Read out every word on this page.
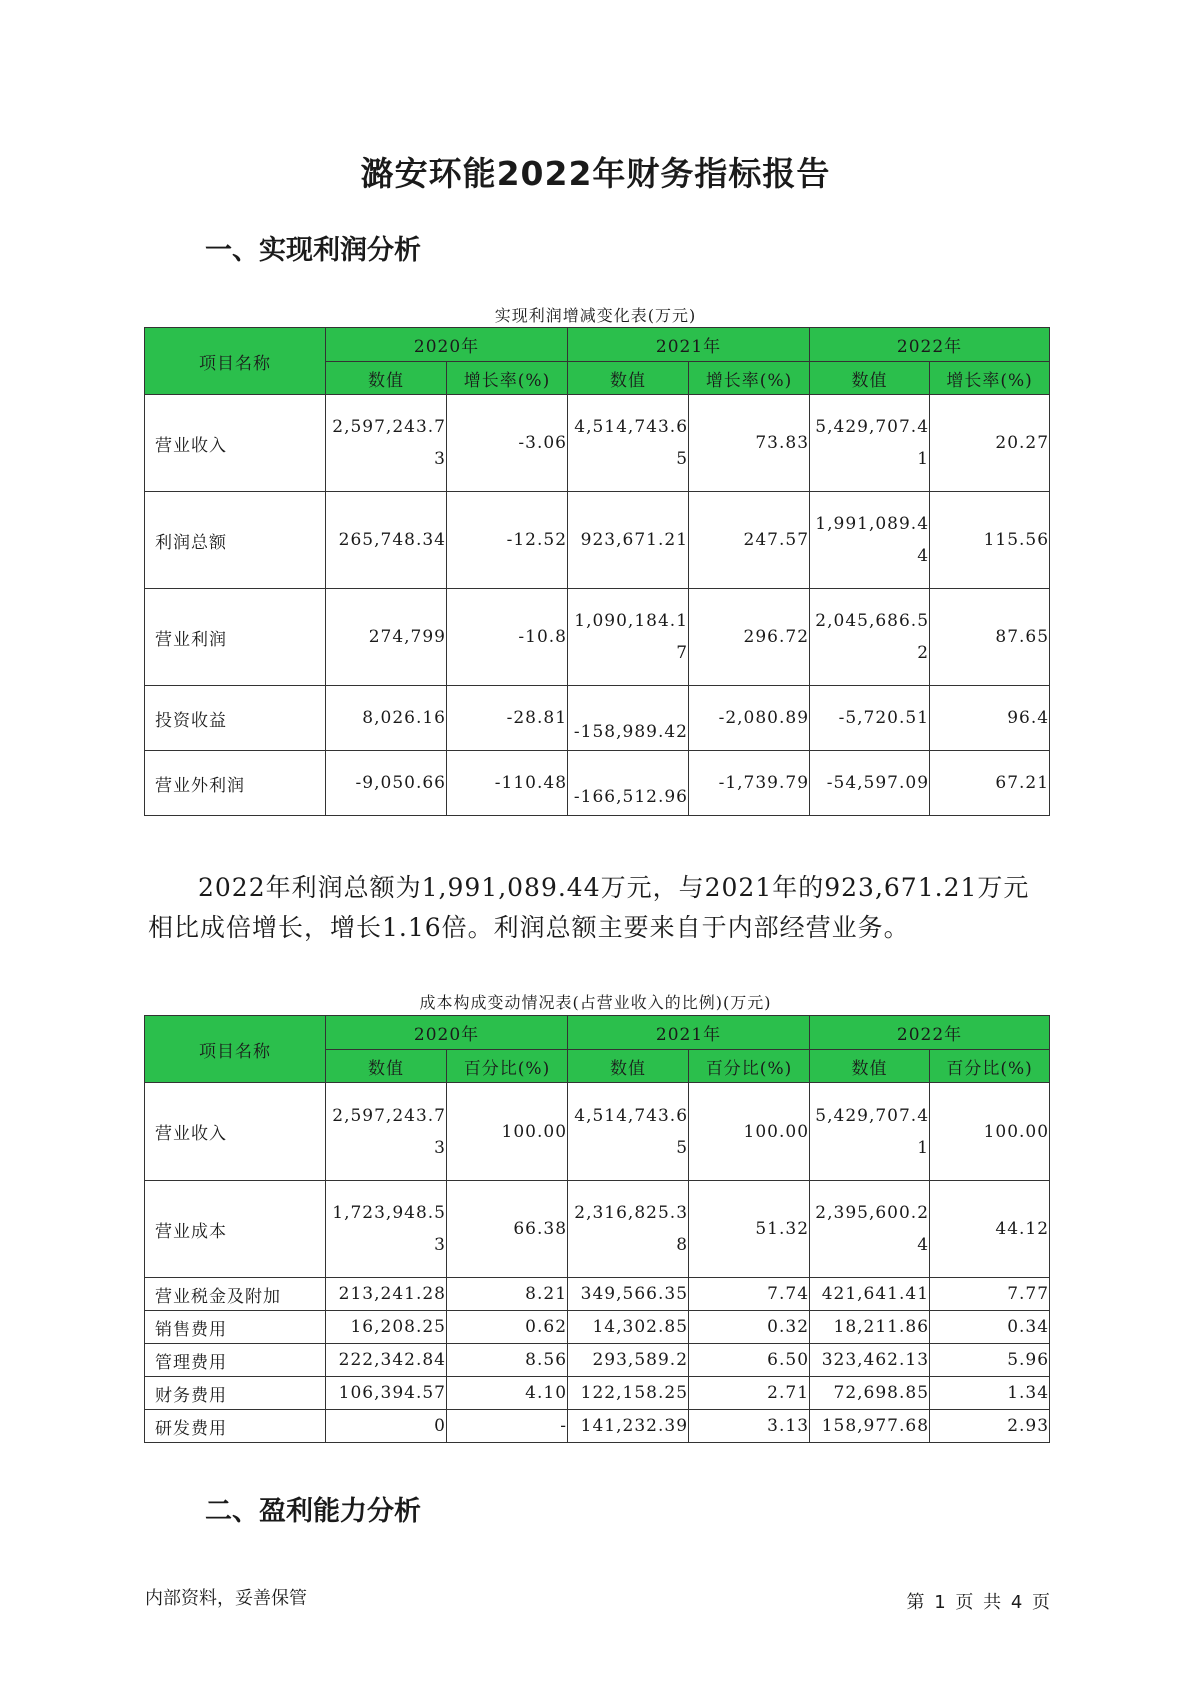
潞安环能2022年财务指标报告
一、实现利润分析
实现利润增减变化表(万元)
项目名称	2020年		2021年		2022年	
	数值	增长率(%)	数值	增长率(%)	数值	增长率(%)
营业收入	2,597,243.73	-3.06	4,514,743.65	73.83	5,429,707.41	20.27
利润总额	265,748.34	-12.52	923,671.21	247.57	1,991,089.44	115.56
营业利润	274,799	-10.8	1,090,184.17	296.72	2,045,686.52	87.65
投资收益	8,026.16	-28.81	-158,989.42	-2,080.89	-5,720.51	96.4
营业外利润	-9,050.66	-110.48	-166,512.96	-1,739.79	-54,597.09	67.21
2022年利润总额为1,991,089.44万元，与2021年的923,671.21万元相比成倍增长，增长1.16倍。利润总额主要来自于内部经营业务。
成本构成变动情况表(占营业收入的比例)(万元)
项目名称	2020年		2021年		2022年	
	数值	百分比(%)	数值	百分比(%)	数值	百分比(%)
营业收入	2,597,243.73	100.00	4,514,743.65	100.00	5,429,707.41	100.00
营业成本	1,723,948.53	66.38	2,316,825.38	51.32	2,395,600.24	44.12
营业税金及附加	213,241.28	8.21	349,566.35	7.74	421,641.41	7.77
销售费用	16,208.25	0.62	14,302.85	0.32	18,211.86	0.34
管理费用	222,342.84	8.56	293,589.2	6.50	323,462.13	5.96
财务费用	106,394.57	4.10	122,158.25	2.71	72,698.85	1.34
研发费用	0	-	141,232.39	3.13	158,977.68	2.93
二、盈利能力分析
内部资料，妥善保管	第 1 页 共 4 页
